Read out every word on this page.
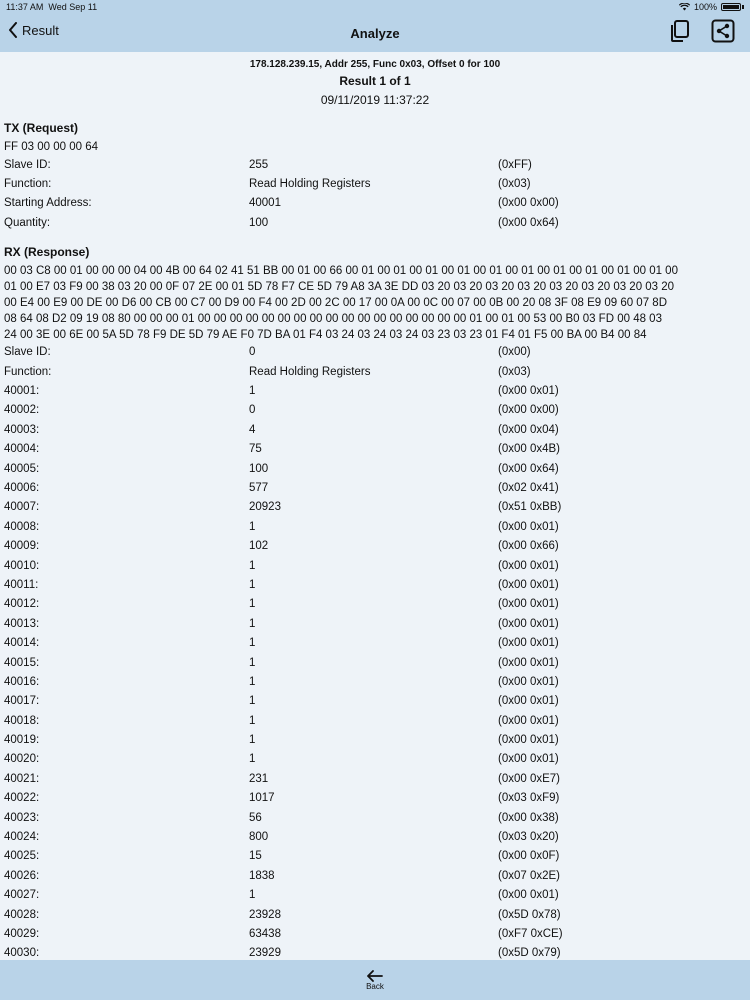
11:37 AM Wed Sep 11	100%
Result	Analyze
178.128.239.15, Addr 255, Func 0x03, Offset 0 for 100
Result 1 of 1
09/11/2019 11:37:22
TX (Request)
FF 03 00 00 00 64
Slave ID:	255	(0xFF)
Function:	Read Holding Registers	(0x03)
Starting Address:	40001	(0x00 0x00)
Quantity:	100	(0x00 0x64)
RX (Response)
00 03 C8 00 01 00 00 00 04 00 4B 00 64 02 41 51 BB 00 01 00 66 00 01 00 01 00 01 00 01 00 01 00 01 00 01 00 01 00 01 00 01 00
01 00 E7 03 F9 00 38 03 20 00 0F 07 2E 00 01 5D 78 F7 CE 5D 79 A8 3A 3E DD 03 20 03 20 03 20 03 20 03 20 03 20 03 20 03 20
00 E4 00 E9 00 DE 00 D6 00 CB 00 C7 00 D9 00 F4 00 2D 00 2C 00 17 00 0A 00 0C 00 07 00 0B 00 20 08 3F 08 E9 09 60 07 8D
08 64 08 D2 09 19 08 80 00 00 00 01 00 00 00 00 00 00 00 00 00 00 00 00 00 00 00 00 00 01 00 01 00 53 00 B0 03 FD 00 48 03
24 00 3E 00 6E 00 5A 5D 78 F9 DE 5D 79 AE F0 7D BA 01 F4 03 24 03 24 03 24 03 23 03 23 01 F4 01 F5 00 BA 00 B4 00 84
Slave ID:	0	(0x00)
Function:	Read Holding Registers	(0x03)
40001:	1	(0x00 0x01)
40002:	0	(0x00 0x00)
40003:	4	(0x00 0x04)
40004:	75	(0x00 0x4B)
40005:	100	(0x00 0x64)
40006:	577	(0x02 0x41)
40007:	20923	(0x51 0xBB)
40008:	1	(0x00 0x01)
40009:	102	(0x00 0x66)
40010:	1	(0x00 0x01)
40011:	1	(0x00 0x01)
40012:	1	(0x00 0x01)
40013:	1	(0x00 0x01)
40014:	1	(0x00 0x01)
40015:	1	(0x00 0x01)
40016:	1	(0x00 0x01)
40017:	1	(0x00 0x01)
40018:	1	(0x00 0x01)
40019:	1	(0x00 0x01)
40020:	1	(0x00 0x01)
40021:	231	(0x00 0xE7)
40022:	1017	(0x03 0xF9)
40023:	56	(0x00 0x38)
40024:	800	(0x03 0x20)
40025:	15	(0x00 0x0F)
40026:	1838	(0x07 0x2E)
40027:	1	(0x00 0x01)
40028:	23928	(0x5D 0x78)
40029:	63438	(0xF7 0xCE)
40030:	23929	(0x5D 0x79)
Back
